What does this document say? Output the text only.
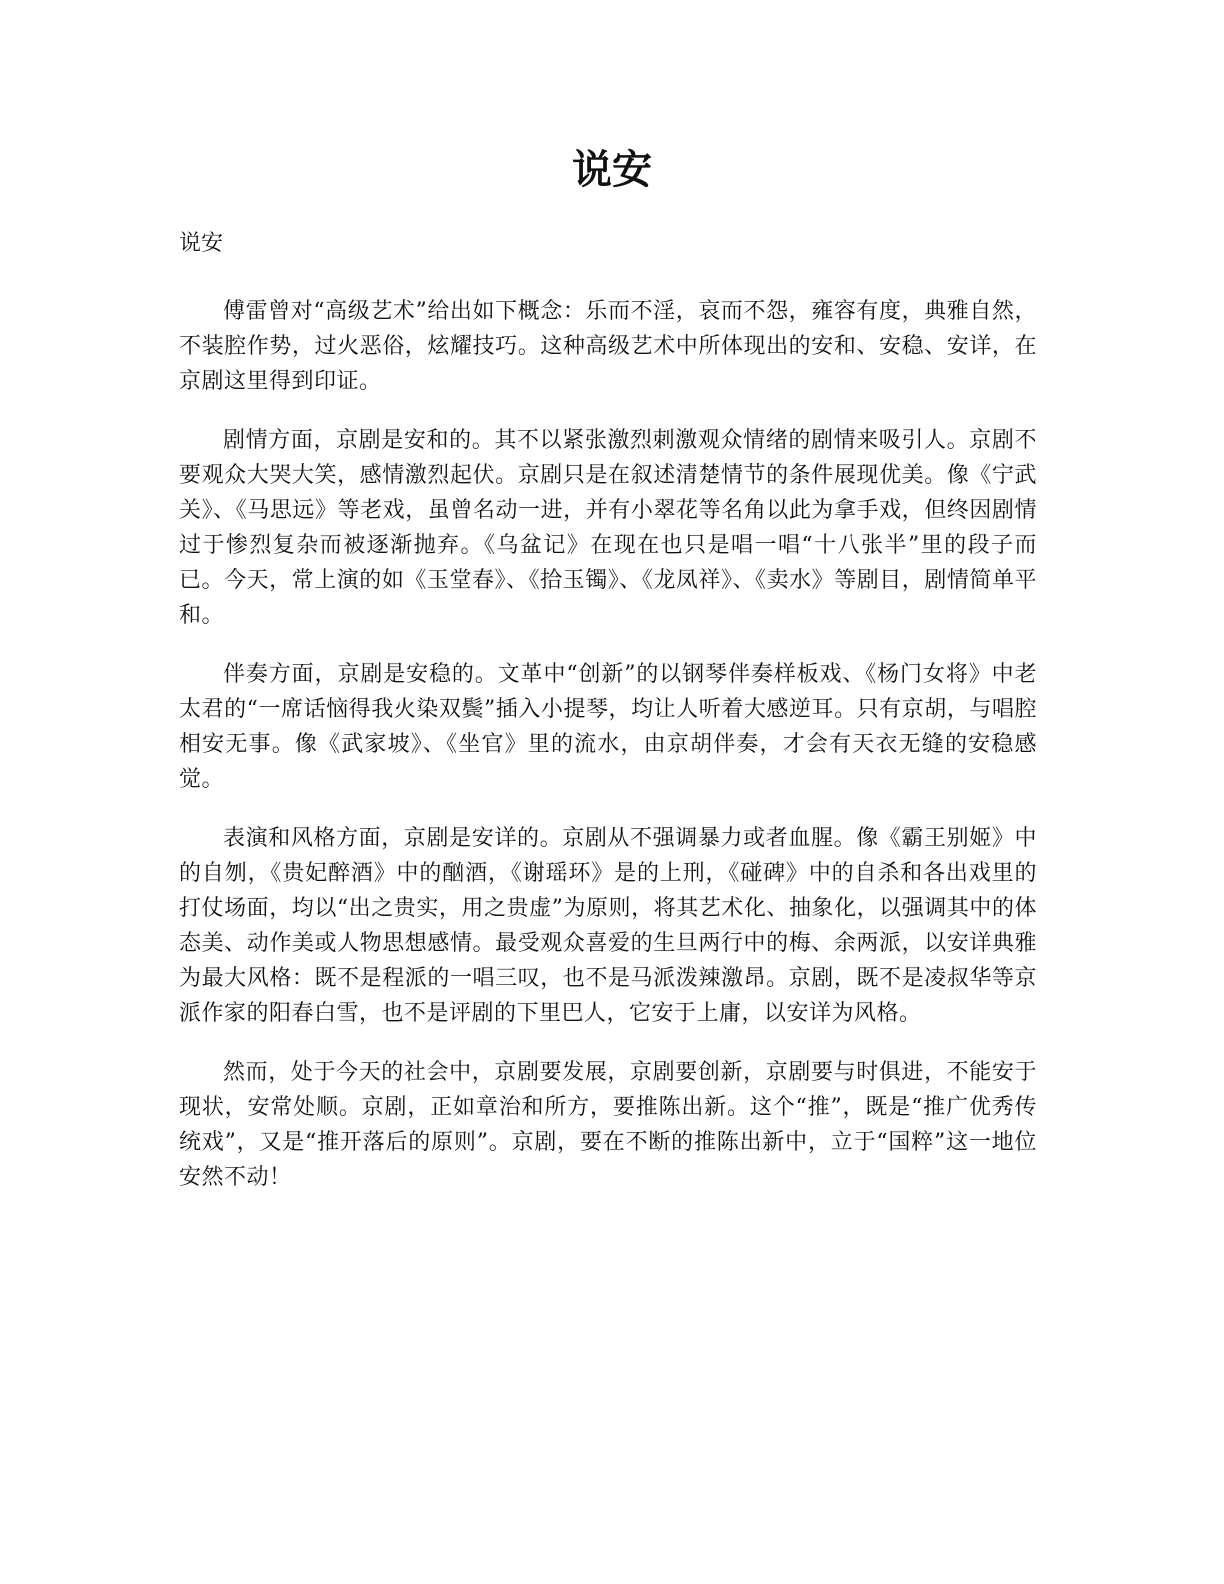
说安

说安

傅雷曾对“高级艺术”给出如下概念：乐而不淫，哀而不怨，雍容有度，典雅自然，不装腔作势，过火恶俗，炫耀技巧。这种高级艺术中所体现出的安和、安稳、安详，在京剧这里得到印证。

剧情方面，京剧是安和的。其不以紧张激烈刺激观众情绪的剧情来吸引人。京剧不要观众大哭大笑，感情激烈起伏。京剧只是在叙述清楚情节的条件展现优美。像《宁武关》、《马思远》等老戏，虽曾名动一进，并有小翠花等名角以此为拿手戏，但终因剧情过于惨烈复杂而被逐渐抛弃。《乌盆记》在现在也只是唱一唱“十八张半”里的段子而已。今天，常上演的如《玉堂春》、《拾玉镯》、《龙凤祥》、《卖水》等剧目，剧情简单平和。

伴奏方面，京剧是安稳的。文革中“创新”的以钢琴伴奏样板戏、《杨门女将》中老太君的“一席话恼得我火染双鬓”插入小提琴，均让人听着大感逆耳。只有京胡，与唱腔相安无事。像《武家坡》、《坐官》里的流水，由京胡伴奏，才会有天衣无缝的安稳感觉。

表演和风格方面，京剧是安详的。京剧从不强调暴力或者血腥。像《霸王别姬》中的自刎，《贵妃醉酒》中的酗酒，《谢瑶环》是的上刑，《碰碑》中的自杀和各出戏里的打仗场面，均以“出之贵实，用之贵虚”为原则，将其艺术化、抽象化，以强调其中的体态美、动作美或人物思想感情。最受观众喜爱的生旦两行中的梅、余两派，以安详典雅为最大风格：既不是程派的一唱三叹，也不是马派泼辣激昂。京剧，既不是凌叔华等京派作家的阳春白雪，也不是评剧的下里巴人，它安于上庸，以安详为风格。

然而，处于今天的社会中，京剧要发展，京剧要创新，京剧要与时俱进，不能安于现状，安常处顺。京剧，正如章治和所方，要推陈出新。这个“推”，既是“推广优秀传统戏”，又是“推开落后的原则”。京剧，要在不断的推陈出新中，立于“国粹”这一地位安然不动！
